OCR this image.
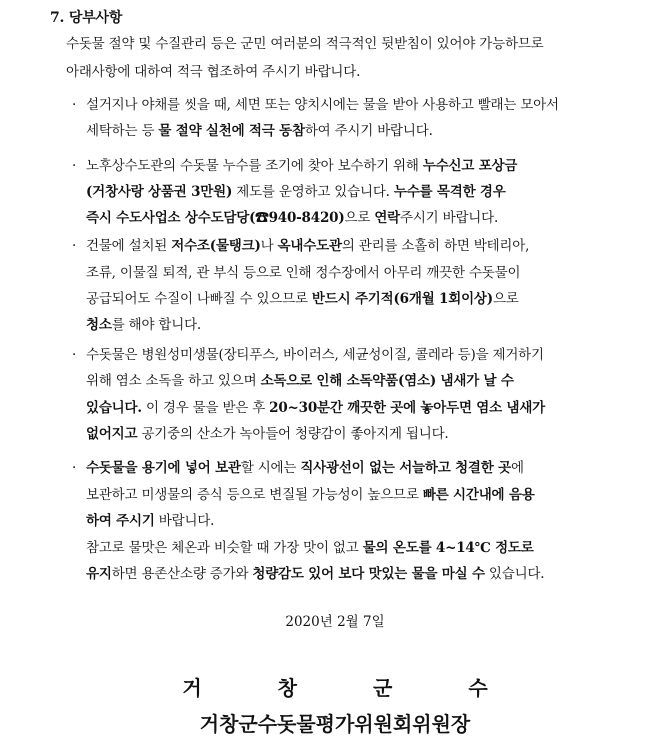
7. 당부사항
수돗물 절약 및 수질관리 등은 군민 여러분의 적극적인 뒷받침이 있어야 가능하므로
아래사항에 대하여 적극 협조하여 주시기 바랍니다.
· 설거지나 야채를 씻을 때, 세면 또는 양치시에는 물을 받아 사용하고 빨래는 모아서
세탁하는 등 물 절약 실천에 적극 동참하여 주시기 바랍니다.
· 노후상수도관의 수돗물 누수를 조기에 찾아 보수하기 위해 누수신고 포상금
(거창사랑 상품권 3만원) 제도를 운영하고 있습니다. 누수를 목격한 경우
즉시 수도사업소 상수도담당(☎940-8420)으로 연락주시기 바랍니다.
· 건물에 설치된 저수조(물탱크)나 옥내수도관의 관리를 소홀히 하면 박테리아,
조류, 이물질 퇴적, 관 부식 등으로 인해 정수장에서 아무리 깨끗한 수돗물이
공급되어도 수질이 나빠질 수 있으므로 반드시 주기적(6개월 1회이상)으로
청소를 해야 합니다.
· 수돗물은 병원성미생물(장티푸스, 바이러스, 세균성이질, 콜레라 등)을 제거하기
위해 염소 소독을 하고 있으며 소독으로 인해 소독약품(염소) 냄새가 날 수
있습니다. 이 경우 물을 받은 후 20~30분간 깨끗한 곳에 놓아두면 염소 냄새가
없어지고 공기중의 산소가 녹아들어 청량감이 좋아지게 됩니다.
· 수돗물을 용기에 넣어 보관할 시에는 직사광선이 없는 서늘하고 청결한 곳에
보관하고 미생물의 증식 등으로 변질될 가능성이 높으므로 빠른 시간내에 음용
하여 주시기 바랍니다.
참고로 물맛은 체온과 비슷할 때 가장 맛이 없고 물의 온도를 4~14℃ 정도로
유지하면 용존산소량 증가와 청량감도 있어 보다 맛있는 물을 마실 수 있습니다.
2020년 2월 7일
거	창	군	수
거창군수돗물평가위원회위원장
